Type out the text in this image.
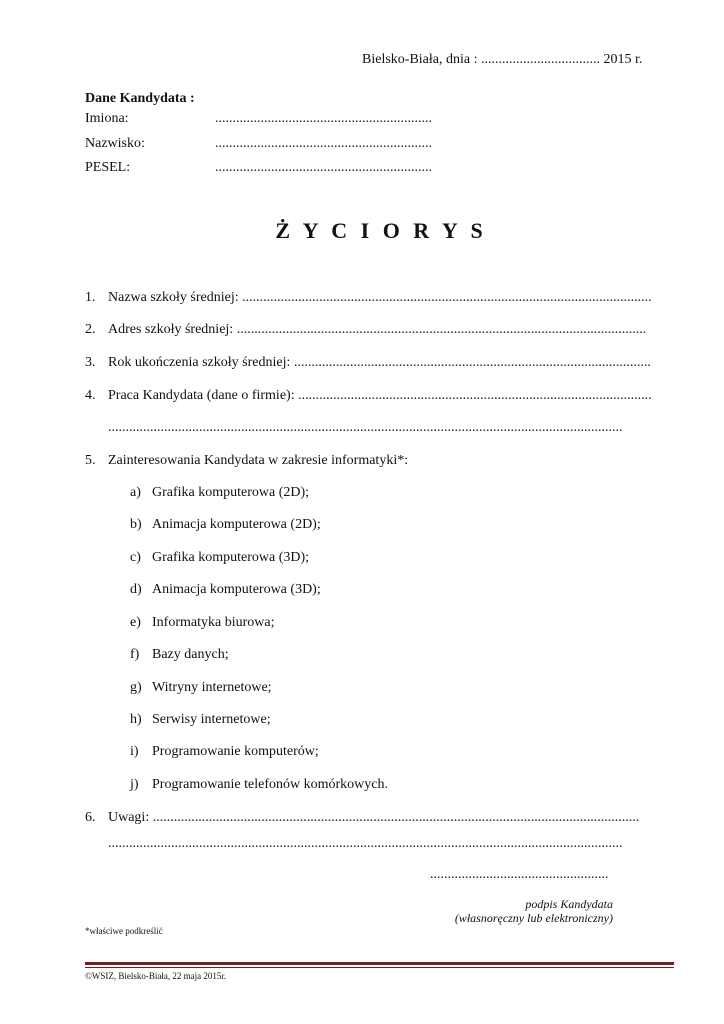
Bielsko-Biała, dnia : .................................. 2015 r.
Dane Kandydata :
Imiona:	..............................................................
Nazwisko:	..............................................................
PESEL:	..............................................................
Ż Y C I O R Y S
1. Nazwa szkoły średniej: .....................................................................................................................
2. Adres szkoły średniej: .....................................................................................................................
3. Rok ukończenia szkoły średniej: ......................................................................................................
4. Praca Kandydata (dane o firmie): .....................................................................................................
...................................................................................................................................................
5. Zainteresowania Kandydata w zakresie informatyki*:
a) Grafika komputerowa (2D);
b) Animacja komputerowa (2D);
c) Grafika komputerowa (3D);
d) Animacja komputerowa (3D);
e) Informatyka biurowa;
f) Bazy danych;
g) Witryny internetowe;
h) Serwisy internetowe;
i) Programowanie komputerów;
j) Programowanie telefonów komórkowych.
6. Uwagi: ...........................................................................................................................................
...................................................................................................................................................
...................................................
podpis Kandydata
(własnoręczny lub elektroniczny)
*właściwe podkreślić
©WSIZ, Bielsko-Biała, 22 maja 2015r.
